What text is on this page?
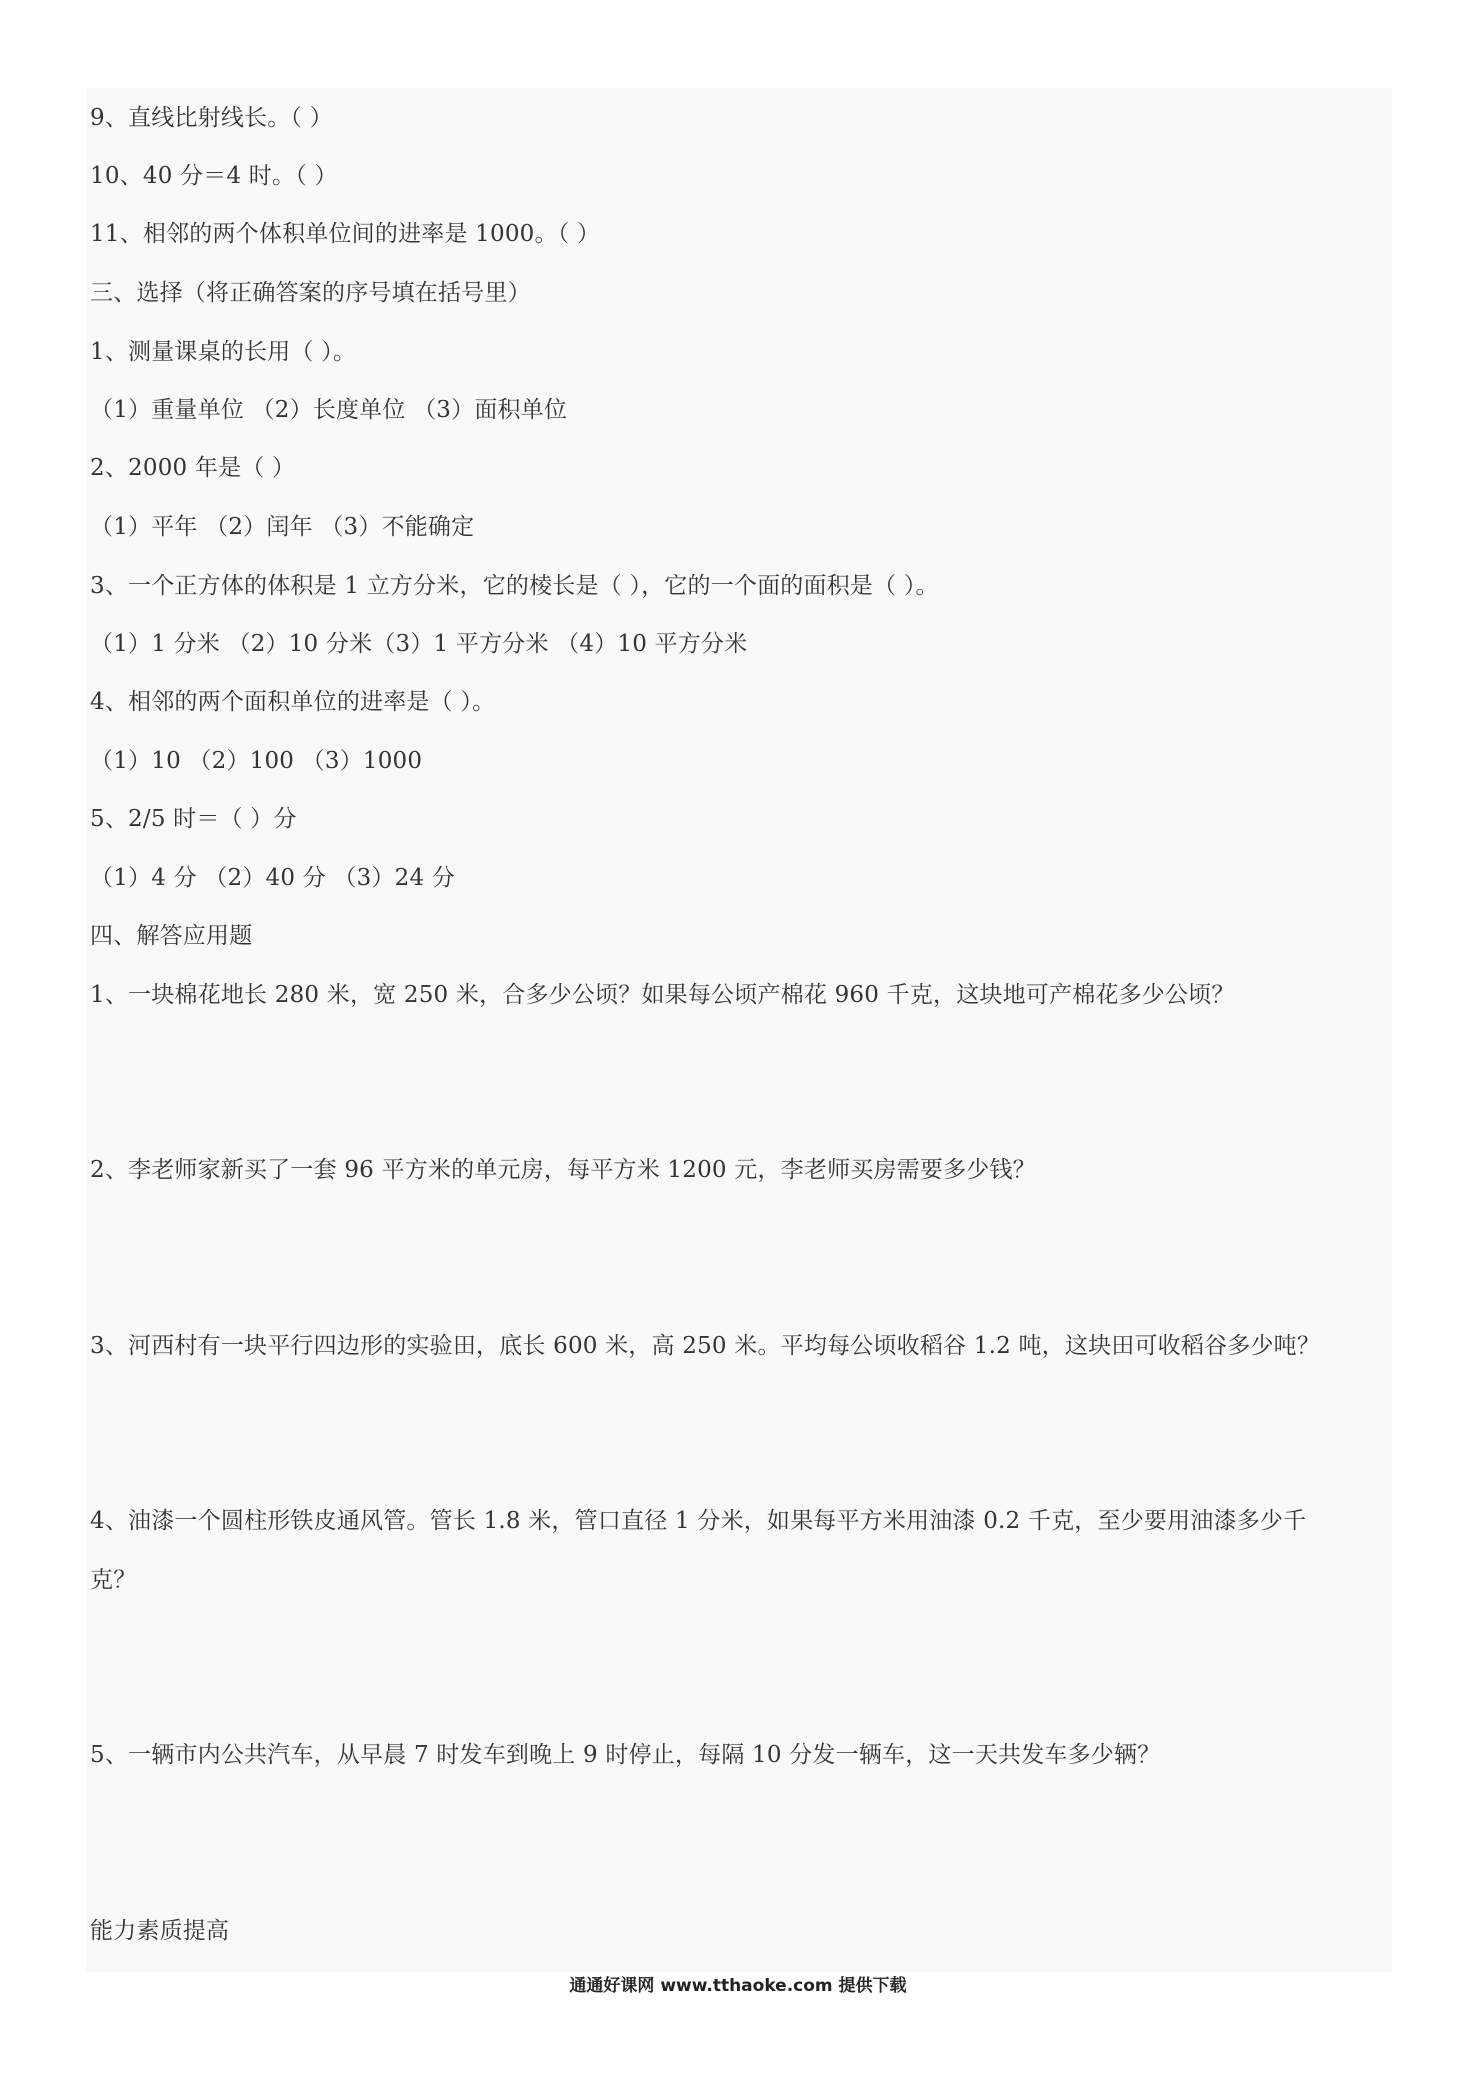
9、直线比射线长。（ ）
10、40 分＝4 时。（ ）
11、相邻的两个体积单位间的进率是 1000。（ ）
三、选择（将正确答案的序号填在括号里）
1、测量课桌的长用（ ）。
（1）重量单位 （2）长度单位 （3）面积单位
2、2000 年是（ ）
（1）平年 （2）闰年 （3）不能确定
3、一个正方体的体积是 1 立方分米，它的棱长是（ ），它的一个面的面积是（ ）。
（1）1 分米 （2）10 分米（3）1 平方分米 （4）10 平方分米
4、相邻的两个面积单位的进率是（ ）。
（1）10 （2）100 （3）1000
5、2/5 时＝（ ）分
（1）4 分 （2）40 分 （3）24 分
四、解答应用题
1、一块棉花地长 280 米，宽 250 米，合多少公顷？如果每公顷产棉花 960 千克，这块地可产棉花多少公顷？
2、李老师家新买了一套 96 平方米的单元房，每平方米 1200 元，李老师买房需要多少钱？
3、河西村有一块平行四边形的实验田，底长 600 米，高 250 米。平均每公顷收稻谷 1.2 吨，这块田可收稻谷多少吨？
4、油漆一个圆柱形铁皮通风管。管长 1.8 米，管口直径 1 分米，如果每平方米用油漆 0.2 千克，至少要用油漆多少千
克？
5、一辆市内公共汽车，从早晨 7 时发车到晚上 9 时停止，每隔 10 分发一辆车，这一天共发车多少辆？
能力素质提高
通通好课网 www.tthaoke.com 提供下载
